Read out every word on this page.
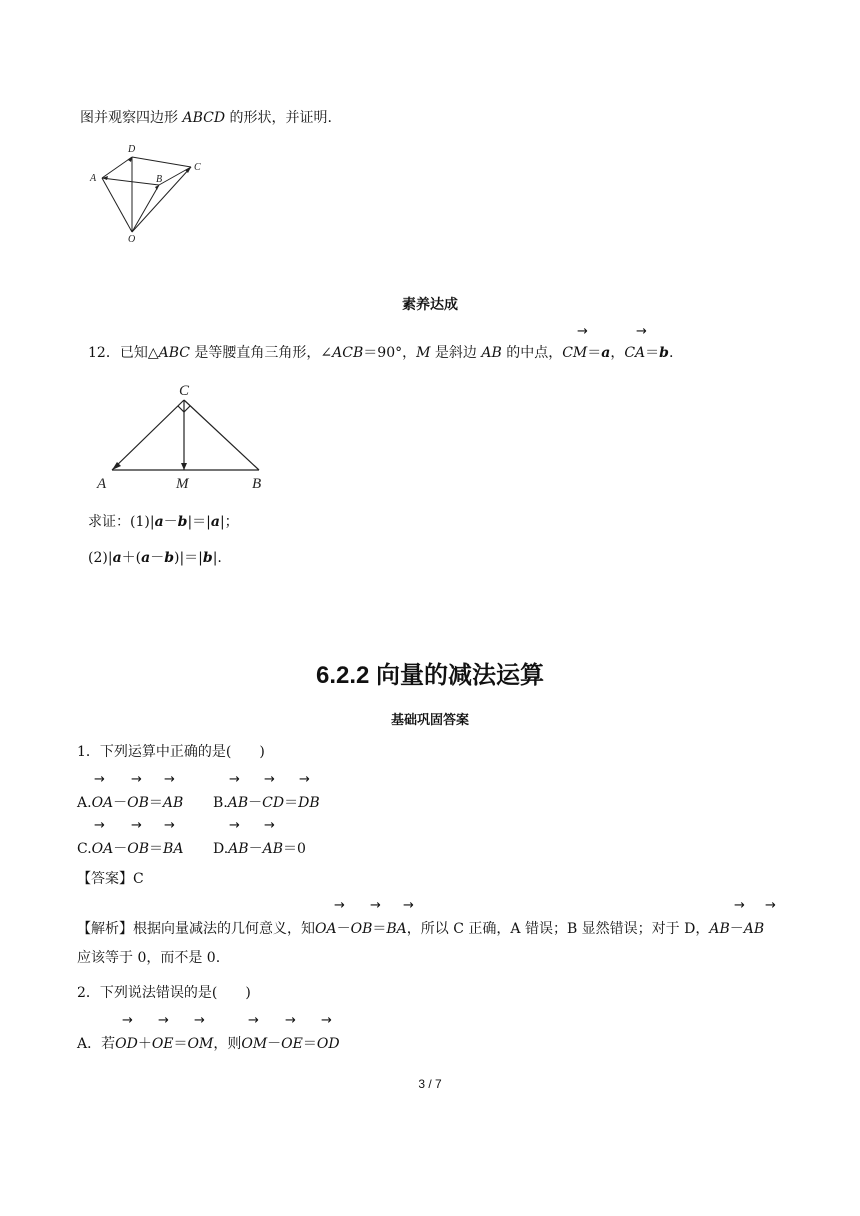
图并观察四边形 ABCD 的形状，并证明.
D
A	B
C
O
素养达成
→	→
12．已知△ABC 是等腰直角三角形，∠ACB＝90°，M 是斜边 AB 的中点，CM＝a，CA＝b.
C
A	M	B
求证：(1)|a－b|＝|a|；
(2)|a＋(a－b)|＝|b|.
6.2.2 向量的减法运算
基础巩固答案
1．下列运算中正确的是(　　)
→ → →	→ → →
A.OA－OB＝AB B.AB－CD＝DB
→ → →	→ →
C.OA－OB＝BA D.AB－AB＝0
【答案】C
→ → →	→ →
【解析】根据向量减法的几何意义，知OA－OB＝BA，所以 C 正确，A 错误；B 显然错误；对于 D，AB－AB
应该等于 0，而不是 0.
2．下列说法错误的是(　　)
→ → →	→ → →
A．若OD＋OE＝OM，则OM－OE＝OD
3 / 7
